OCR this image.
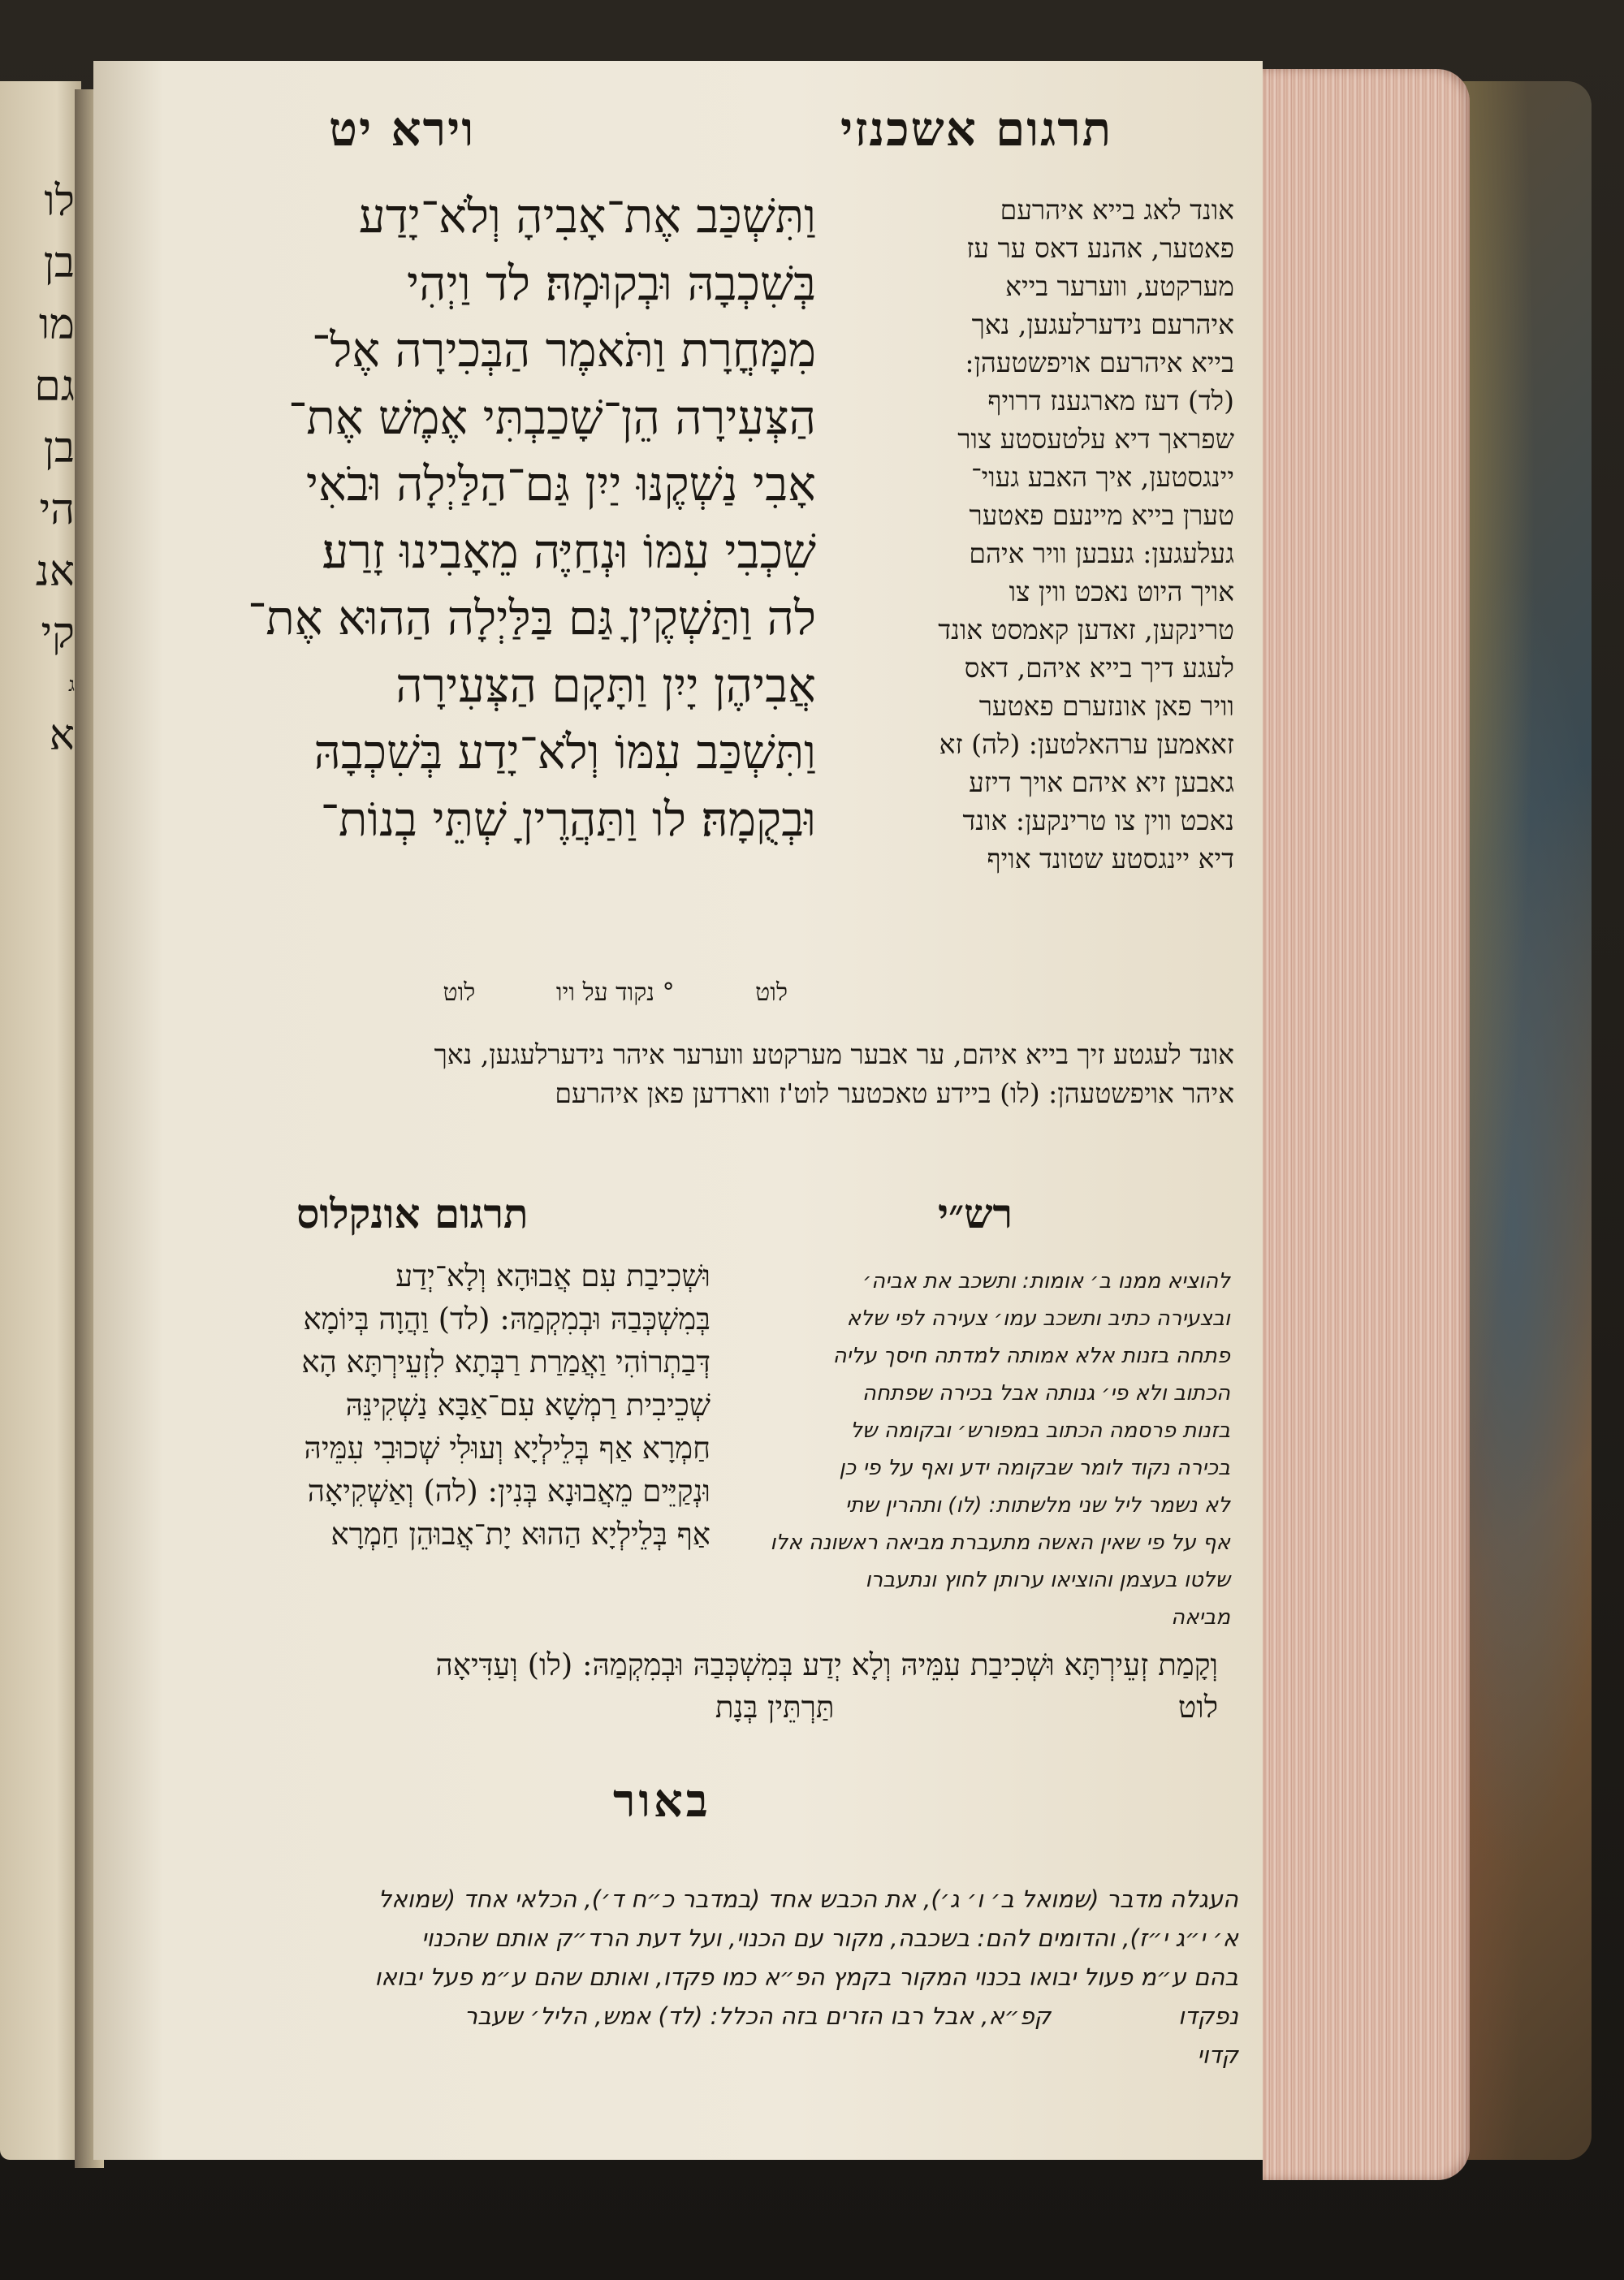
לו

בן

מו

גם

בן

הי

אנ

קי

ג

א

וירא יט	תרגום אשכנזי

וַתִּשְׁכַּב אֶת־אָבִיהָ וְלֹא־יָדַע

בְּשִׁכְבָהּ וּבְקוּמָהּ׃ לד וַיְהִי

מִמָּחֳרָת וַתֹּאמֶר הַבְּכִירָה אֶל־

הַצְּעִירָה הֵן־שָׁכַבְתִּי אֶמֶשׁ אֶת־

אָבִי נַשְׁקֶנּוּ יַיִן גַּם־הַלַּיְלָה וּבֹאִי

שִׁכְבִי עִמּוֹ וּנְחַיֶּה מֵאָבִינוּ זָרַע׃

לה וַתַּשְׁקֶיןָ גַּם בַּלַּיְלָה הַהוּא אֶת־

אֲבִיהֶן יָיִן וַתָּקָם הַצְּעִירָה

וַתִּשְׁכַּב עִמּוֹ וְלֹא־יָדַע בְּשִׁכְבָהּ

וּבְקֻמָהּ׃ לו וַתַּהֲרֶיןָ שְׁתֵּי בְנוֹת־

לוט ° נקוד על ויו לוט

אונד לאג בייא איהרעם

פאטער, אהנע דאס ער עז

מערקטע, ווערער בייא

איהרעם נידערלעגען, נאך

בייא איהרעם אויפשטעהן:

(לד) דעז מארגענז דרויף

שפראך דיא עלטעסטע צור

יינגסטען, איך האבע געוי־

טערן בייא מיינעם פאטער

געלעגען: געבען וויר איהם

אויך היוט נאכט ווין צו

טרינקען, זאדען קאמסט אונד

לעגע דיך בייא איהם, דאס

וויר פאן אונזערם פאטער

זאאמען ערהאלטען: (לה) זא

גאבען זיא איהם אויך דיזע

נאכט ווין צו טרינקען: אונד

דיא יינגסטע שטונד אויף

אונד לעגטע זיך בייא איהם, ער אבער מערקטע ווערער איהר נידערלעגען, נאך

איהר אויפשטעהן: (לו) ביידע טאכטער לוט'ז ווארדען פאן איהרעם

רש״י
תרגום אונקלוס

להוציא ממנו ב׳ אומות: ותשכב את אביה׳

ובצעירה כתיב ותשכב עמו׳ צעירה לפי שלא

פתחה בזנות אלא אמותה למדתה חיסך עליה

הכתוב ולא פי׳ גנותה אבל בכירה שפתחה

בזנות פרסמה הכתוב במפורש׳ ובקומה של

בכירה נקוד לומר שבקומה ידע ואף על פי כן

לא נשמר ליל שני מלשתות: (לו) ותהרין שתי

אף על פי שאין האשה מתעברת מביאה ראשונה אלו

שלטו בעצמן והוציאו ערותן לחוץ ונתעברו

מביאה

וּשְׁכִיבַת עִם אֲבוּהָא וְלָא־יְדַע

בְּמִשְׁכְּבַהּ וּבְמִקְמַהּ: (לד) וַהֲוָה בְּיוֹמָא

דְּבַתְרוֹהִי וַאֲמַרַת רַבְּתָא לִזְעֵירְתָּא הָא

שְׁכֵיבִית רַמְשָׁא עִם־אַבָּא נַשְׁקִינֵּהּ

חַמְרָא אַף בְּלֵילְיָא וְעוּלִי שְׁכוּבִי עִמֵּיהּ

וּנְקַיֵּים מֵאֲבוּנָא בְּנִין: (לה) וְאַשְׁקִיאָה

אַף בְּלֵילְיָא הַהוּא יָת־אֲבוּהֵן חַמְרָא

וְקָמַת זְעֵירְתָּא וּשְׁכִיבַת עִמֵּיהּ וְלָא יְדַע בְּמִשְׁכְּבַהּ וּבְמִקְמַהּ: (לו) וְעַדִּיאָה

לוט                                    תַּרְתֵּין בְּנָת

באור

העגלה מדבר (שמואל ב׳ ו׳ ג׳), את הכבש אחד (במדבר כ״ח ד׳), הכלאי אחד (שמואל

א׳ י״ג י״ז), והדומים להם: בשכבה, מקור עם הכנוי, ועל דעת הרד״ק אותם שהכנוי

בהם ע״מ פעול יבואו בכנוי המקור בקמץ הפ״א כמו פקדו, ואותם שהם ע״מ פעל יבואו

נפקדו                 קפ״א, אבל רבו הזרים בזה הכלל: (לד) אמש, הליל׳ שעבר

קדוי
